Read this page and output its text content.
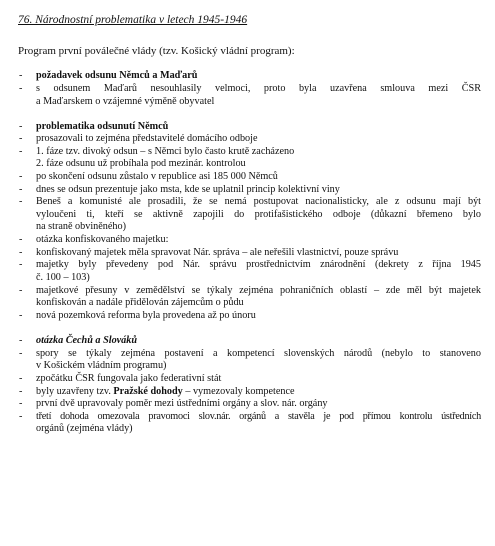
76. Národnostní problematika v letech 1945-1946
Program první poválečné vlády (tzv. Košický vládní program):
- požadavek odsunu Němců a Maďarů
- s odsunem Maďarů nesouhlasily velmoci, proto byla uzavřena smlouva mezi ČSR
a Maďarskem o vzájemné výměně obyvatel
- problematika odsunutí Němců
- prosazovali to zejména představitelé domácího odboje
- 1. fáze tzv. divoký odsun – s Němci bylo často krutě zacházeno
2. fáze odsunu už probíhala pod mezinár. kontrolou
- po skončení odsunu zůstalo v republice asi 185 000 Němců
- dnes se odsun prezentuje jako msta, kde se uplatnil princip kolektivní viny
- Beneš a komunisté ale prosadili, že se nemá postupovat nacionalisticky, ale z odsunu mají být
vyloučeni ti, kteří se aktivně zapojili do protifašistického odboje (důkazní břemeno bylo
na straně obviněného)
- otázka konfiskovaného majetku:
- konfiskovaný majetek měla spravovat Nár. správa – ale neřešili vlastnictví, pouze správu
- majetky byly převedeny pod Nár. správu prostřednictvím znárodnění (dekrety z října 1945
č. 100 – 103)
- majetkové přesuny v zemědělství se týkaly zejména pohraničních oblastí – zde měl být majetek
konfiskován a nadále přidělován zájemcům o půdu
- nová pozemková reforma byla provedena až po únoru
- otázka Čechů a Slováků
- spory se týkaly zejména postavení a kompetencí slovenských národů (nebylo to stanoveno
v Košickém vládním programu)
- zpočátku ČSR fungovala jako federativní stát
- byly uzavřeny tzv. Pražské dohody – vymezovaly kompetence
- první dvě upravovaly poměr mezi ústředními orgány a slov. nár. orgány
- třetí dohoda omezovala pravomoci slov.nár. orgánů a stavěla je pod přímou kontrolu ústředních
orgánů (zejména vlády)
